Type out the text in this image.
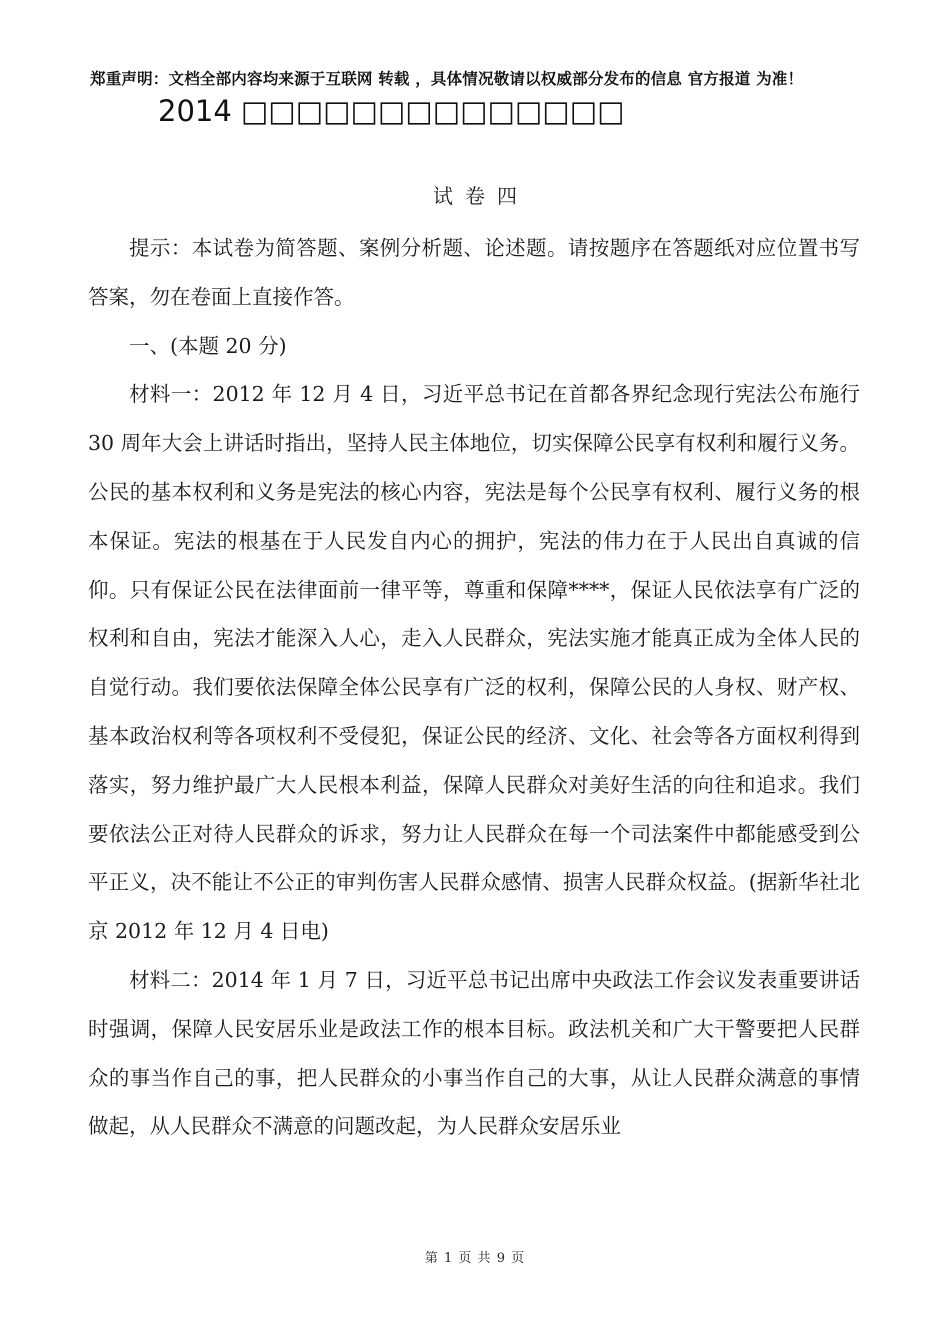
郑重声明：文档全部内容均来源于互联网 转载 ，具体情况敬请以权威部分发布的信息 官方报道 为准！
2014 □□□□□□□□□□□□□□
试卷四

提示：本试卷为简答题、案例分析题、论述题。请按题序在答题纸对应位置书写答案，勿在卷面上直接作答。

一、(本题 20 分)

材料一：2012 年 12 月 4 日，习近平总书记在首都各界纪念现行宪法公布施行 30 周年大会上讲话时指出，坚持人民主体地位，切实保障公民享有权利和履行义务。公民的基本权利和义务是宪法的核心内容，宪法是每个公民享有权利、履行义务的根本保证。宪法的根基在于人民发自内心的拥护，宪法的伟力在于人民出自真诚的信仰。只有保证公民在法律面前一律平等，尊重和保障****，保证人民依法享有广泛的权利和自由，宪法才能深入人心，走入人民群众，宪法实施才能真正成为全体人民的自觉行动。我们要依法保障全体公民享有广泛的权利，保障公民的人身权、财产权、基本政治权利等各项权利不受侵犯，保证公民的经济、文化、社会等各方面权利得到落实，努力维护最广大人民根本利益，保障人民群众对美好生活的向往和追求。我们要依法公正对待人民群众的诉求，努力让人民群众在每一个司法案件中都能感受到公平正义，决不能让不公正的审判伤害人民群众感情、损害人民群众权益。(据新华社北京 2012 年 12 月 4 日电)

材料二：2014 年 1 月 7 日，习近平总书记出席中央政法工作会议发表重要讲话时强调，保障人民安居乐业是政法工作的根本目标。政法机关和广大干警要把人民群众的事当作自己的事，把人民群众的小事当作自己的大事，从让人民群众满意的事情做起，从人民群众不满意的问题改起，为人民群众安居乐业

第 1 页 共 9 页
